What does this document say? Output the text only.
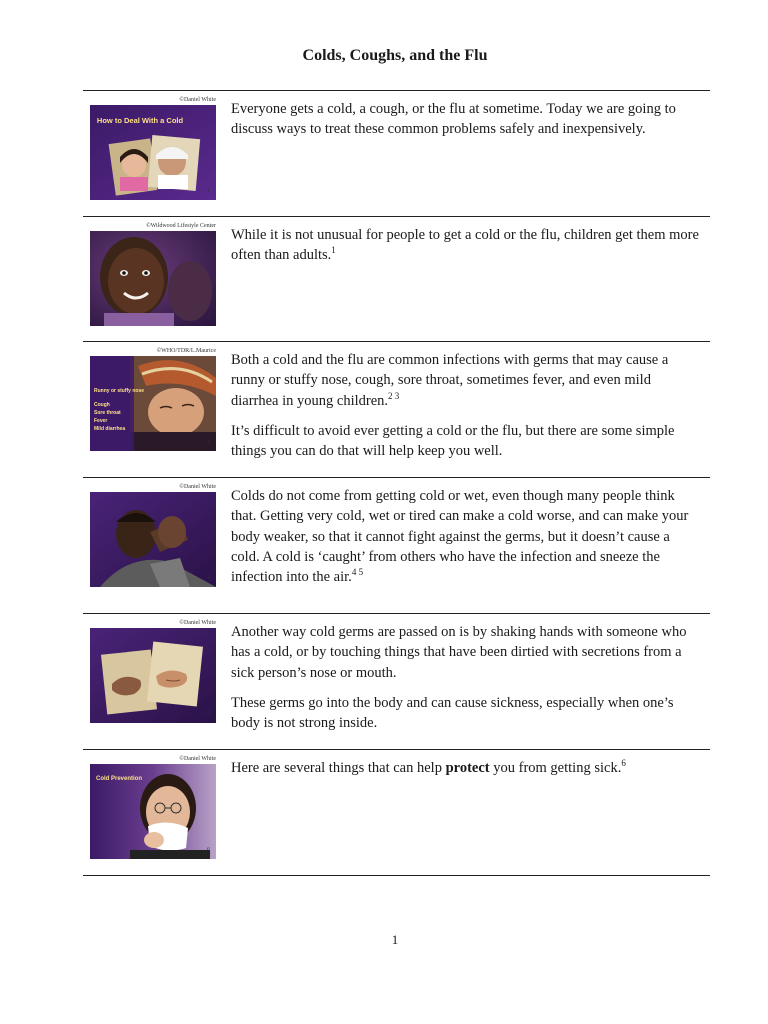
Colds, Coughs, and the Flu
©Daniel White
How to Deal With a Cold
1

Everyone gets a cold, a cough, or the flu at sometime. Today we are going to discuss ways to treat these common problems safely and inexpensively.

©Wildwood Lifestyle Center
2

While it is not unusual for people to get a cold or the flu, children get them more often than adults.$^1$

©WHO/TDR/L.Maurice
Runny or stuffy nose
Cough
Sore throat
Fever
Mild diarrhea
3

Both a cold and the flu are common infections with germs that may cause a runny or stuffy nose, cough, sore throat, sometimes fever, and even mild diarrhea in young children.$^{2 3}$

It’s difficult to avoid ever getting a cold or the flu, but there are some simple things you can do that will help keep you well.

©Daniel White
4

Colds do not come from getting cold or wet, even though many people think that. Getting very cold, wet or tired can make a cold worse, and can make your body weaker, so that it cannot fight against the germs, but it doesn’t cause a cold. A cold is ‘caught’ from others who have the infection and sneeze the infection into the air.$^{4 5}$

©Daniel White
5

Another way cold germs are passed on is by shaking hands with someone who has a cold, or by touching things that have been dirtied with secretions from a sick person’s nose or mouth.

These germs go into the body and can cause sickness, especially when one’s body is not strong inside.

©Daniel White
Cold Prevention
6

Here are several things that can help protect you from getting sick.$^6$

1
